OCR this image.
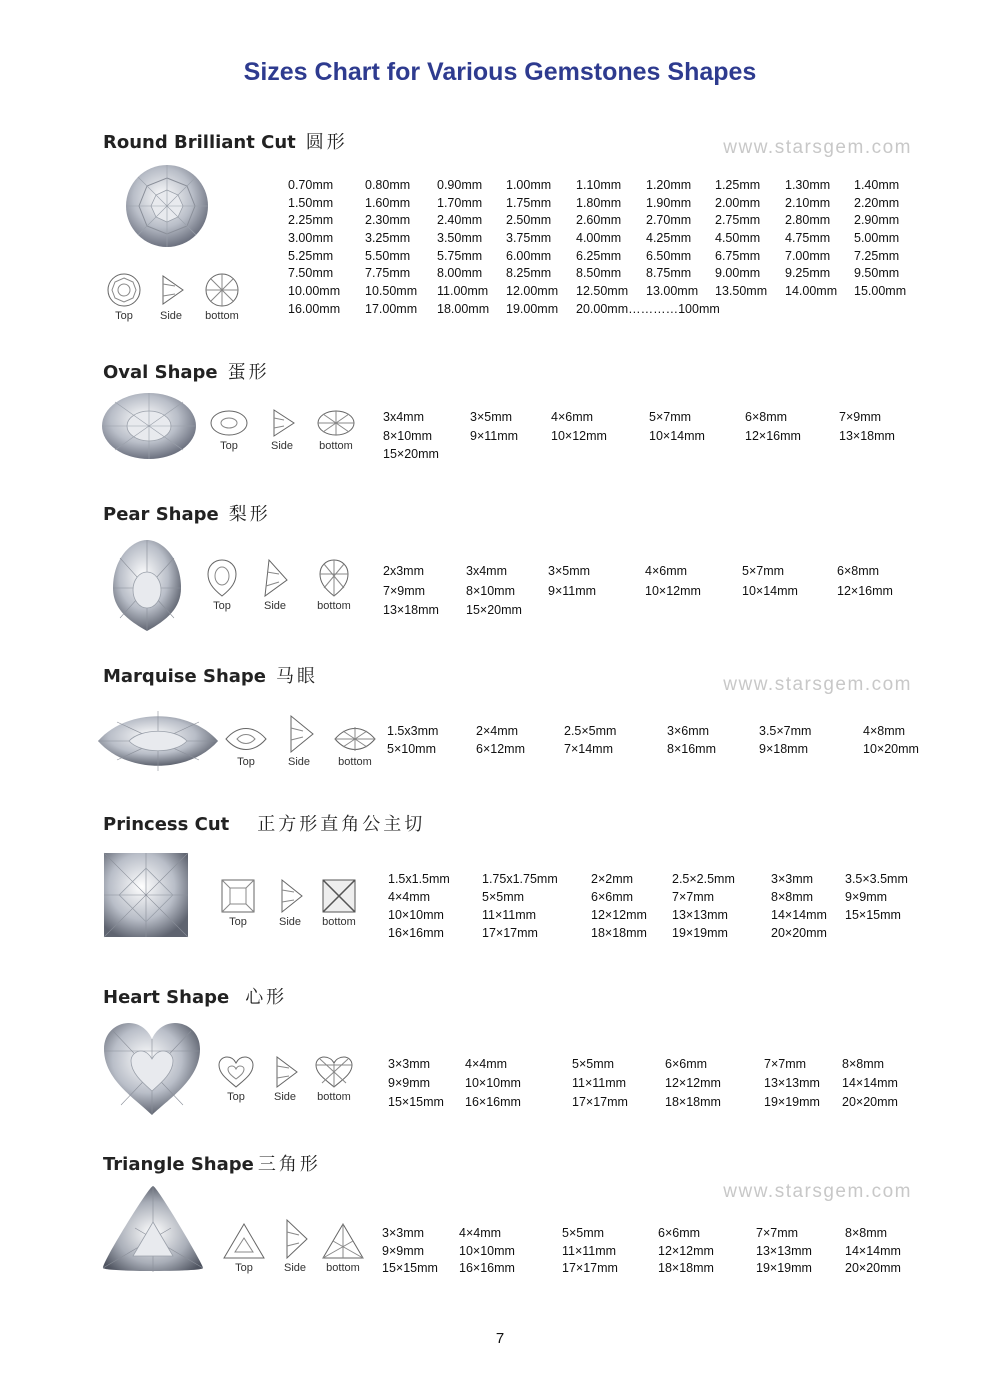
Sizes Chart for Various Gemstones Shapes
www.starsgem.com
www.starsgem.com
www.starsgem.com
Round Brilliant Cut 圆形
Top	Side	bottom
0.70mm	0.80mm 0.90mm 1.00mm 1.10mm 1.20mm 1.25mm 1.30mm 1.40mm
1.50mm	1.60mm 1.70mm 1.75mm 1.80mm 1.90mm 2.00mm 2.10mm 2.20mm
2.25mm	2.30mm 2.40mm 2.50mm 2.60mm 2.70mm 2.75mm 2.80mm 2.90mm
3.00mm	3.25mm 3.50mm 3.75mm 4.00mm 4.25mm 4.50mm 4.75mm 5.00mm
5.25mm	5.50mm 5.75mm 6.00mm 6.25mm 6.50mm 6.75mm 7.00mm 7.25mm
7.50mm	7.75mm 8.00mm 8.25mm 8.50mm 8.75mm 9.00mm 9.25mm 9.50mm
10.00mm 10.50mm 11.00mm 12.00mm 12.50mm 13.00mm 13.50mm 14.00mm 15.00mm
16.00mm 17.00mm 18.00mm 19.00mm 20.00mm…………100mm
Oval Shape 蛋形
Top	Side	bottom
3x4mm	3×5mm	4×6mm	5×7mm	6×8mm	7×9mm
8×10mm	9×11mm	10×12mm	10×14mm	12×16mm	13×18mm
15×20mm
Pear Shape 梨形
Top	Side	bottom
2x3mm	3x4mm	3×5mm	4×6mm	5×7mm	6×8mm
7×9mm	8×10mm	9×11mm	10×12mm	10×14mm	12×16mm
13×18mm 15×20mm
Marquise Shape 马眼
Top	Side	bottom
1.5x3mm	2×4mm	2.5×5mm	3×6mm	3.5×7mm	4×8mm
5×10mm	6×12mm	7×14mm	8×16mm	9×18mm	10×20mm
Princess Cut 正方形直角公主切
Top	Side	bottom
1.5x1.5mm	1.75x1.75mm	2×2mm	2.5×2.5mm	3×3mm	3.5×3.5mm
4×4mm	5×5mm	6×6mm	7×7mm	8×8mm	9×9mm
10×10mm	11×11mm	12×12mm 13×13mm	14×14mm 15×15mm
16×16mm	17×17mm	18×18mm 19×19mm	20×20mm
Heart Shape 心形
Top	Side	bottom
3×3mm	4×4mm	5×5mm	6×6mm	7×7mm	8×8mm
9×9mm	10×10mm	11×11mm	12×12mm	13×13mm 14×14mm
15×15mm 16×16mm	17×17mm	18×18mm	19×19mm 20×20mm
Triangle Shape 三角形
Top	Side	bottom
3×3mm	4×4mm	5×5mm	6×6mm	7×7mm	8×8mm
9×9mm	10×10mm	11×11mm	12×12mm	13×13mm	14×14mm
15×15mm 16×16mm	17×17mm	18×18mm	19×19mm	20×20mm
7
